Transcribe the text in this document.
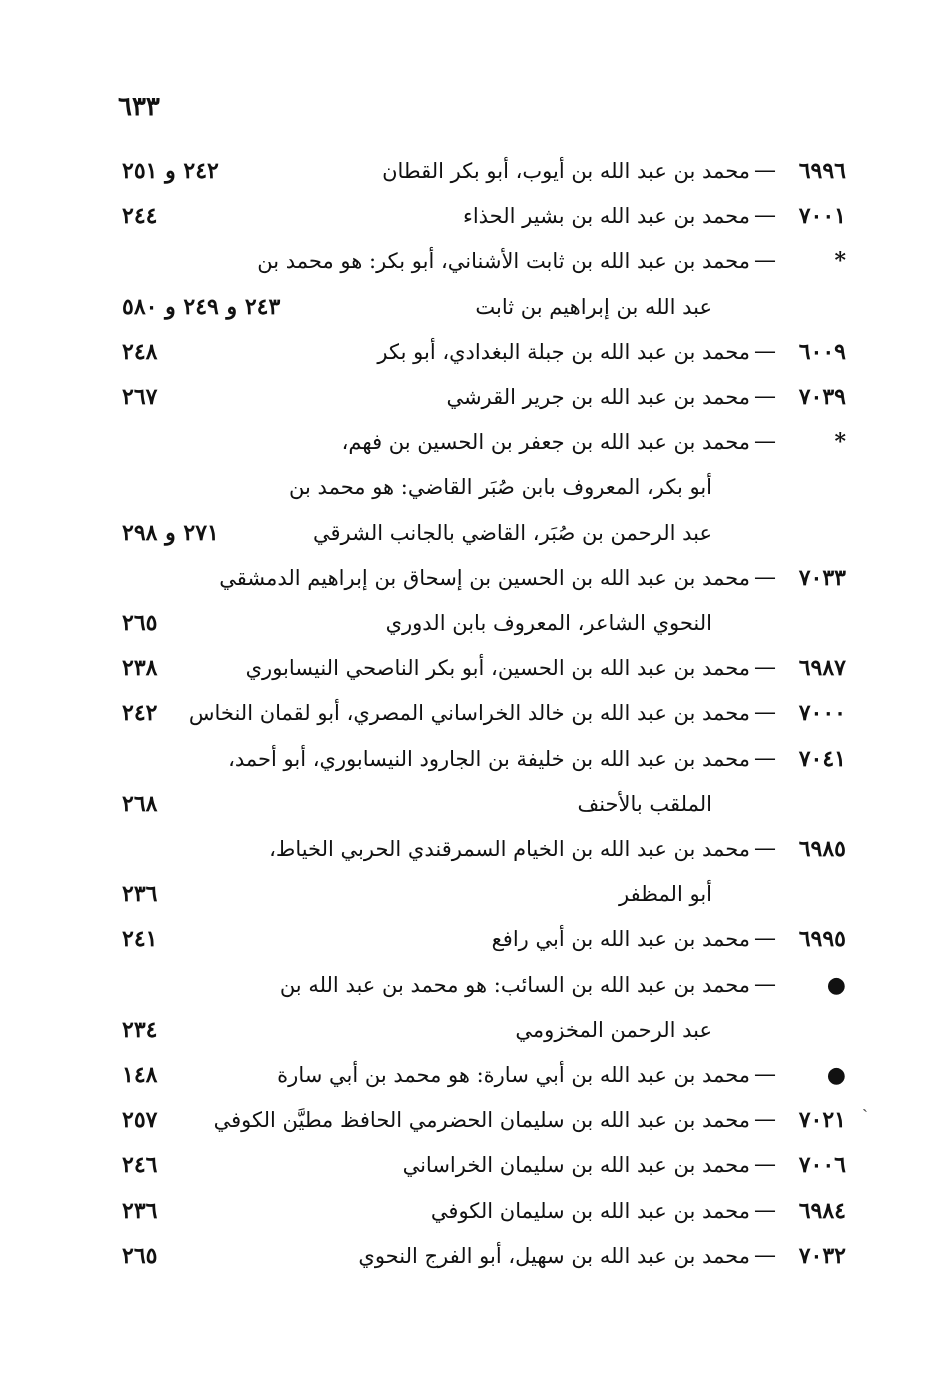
٦٣٣
٦٩٩٦
—
محمد بن عبد الله بن أيوب، أبو بكر القطان
٢٤٢ و ٢٥١
٧٠٠١
—
محمد بن عبد الله بن بشير الحذاء
٢٤٤
*
—
محمد بن عبد الله بن ثابت الأشناني، أبو بكر: هو محمد بن
عبد الله بن إبراهيم بن ثابت
٢٤٣ و ٢٤٩ و ٥٨٠
٦٠٠٩
—
محمد بن عبد الله بن جبلة البغدادي، أبو بكر
٢٤٨
٧٠٣٩
—
محمد بن عبد الله بن جرير القرشي
٢٦٧
*
—
محمد بن عبد الله بن جعفر بن الحسين بن فهم،
أبو بكر، المعروف بابن صُبَر القاضي: هو محمد بن
عبد الرحمن بن صُبَر، القاضي بالجانب الشرقي
٢٧١ و ٢٩٨
٧٠٣٣
—
محمد بن عبد الله بن الحسين بن إسحاق بن إبراهيم الدمشقي
النحوي الشاعر، المعروف بابن الدوري
٢٦٥
٦٩٨٧
—
محمد بن عبد الله بن الحسين، أبو بكر الناصحي النيسابوري
٢٣٨
٧٠٠٠
—
محمد بن عبد الله بن خالد الخراساني المصري، أبو لقمان النخاس
٢٤٢
٧٠٤١
—
محمد بن عبد الله بن خليفة بن الجارود النيسابوري، أبو أحمد،
الملقب بالأحنف
٢٦٨
٦٩٨٥
—
محمد بن عبد الله بن الخيام السمرقندي الحربي الخياط،
أبو المظفر
٢٣٦
٦٩٩٥
—
محمد بن عبد الله بن أبي رافع
٢٤١
●
—
محمد بن عبد الله بن السائب: هو محمد بن عبد الله بن
عبد الرحمن المخزومي
٢٣٤
●
—
محمد بن عبد الله بن أبي سارة: هو محمد بن أبي سارة
١٤٨
٧٠٢١
—
محمد بن عبد الله بن سليمان الحضرمي الحافظ مطيَّن الكوفي
٢٥٧
٧٠٠٦
—
محمد بن عبد الله بن سليمان الخراساني
٢٤٦
٦٩٨٤
—
محمد بن عبد الله بن سليمان الكوفي
٢٣٦
٧٠٣٢
—
محمد بن عبد الله بن سهيل، أبو الفرج النحوي
٢٦٥
ˎ
